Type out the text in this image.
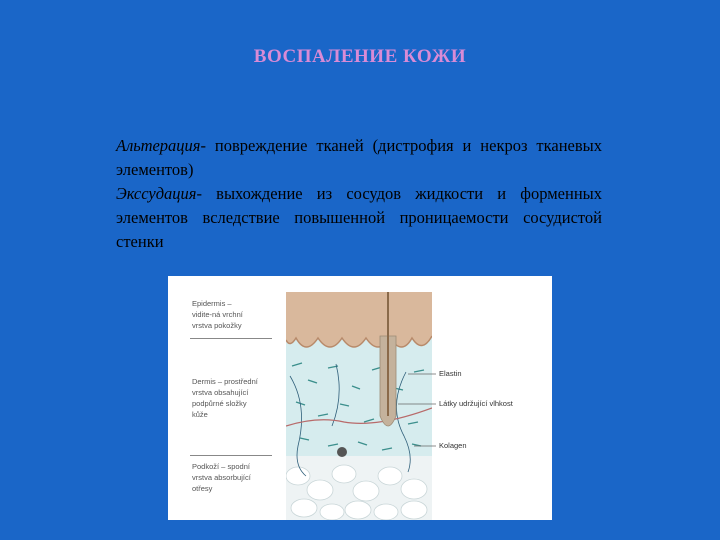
ВОСПАЛЕНИЕ КОЖИ

Альтерация- повреждение тканей (дистрофия и некроз тканевых элементов)

Экссудация- выхождение из сосудов жидкости и форменных элементов вследствие повышенной проницаемости сосудистой стенки

Epidermis –
vidite-ná vrchní
vrstva pokožky
Dermis – prostřední
vrstva obsahující
podpůrné složky
kůže
Podkoží – spodní
vrstva absorbující
otřesy
Elastin
Látky udržující vlhkost
Kolagen
